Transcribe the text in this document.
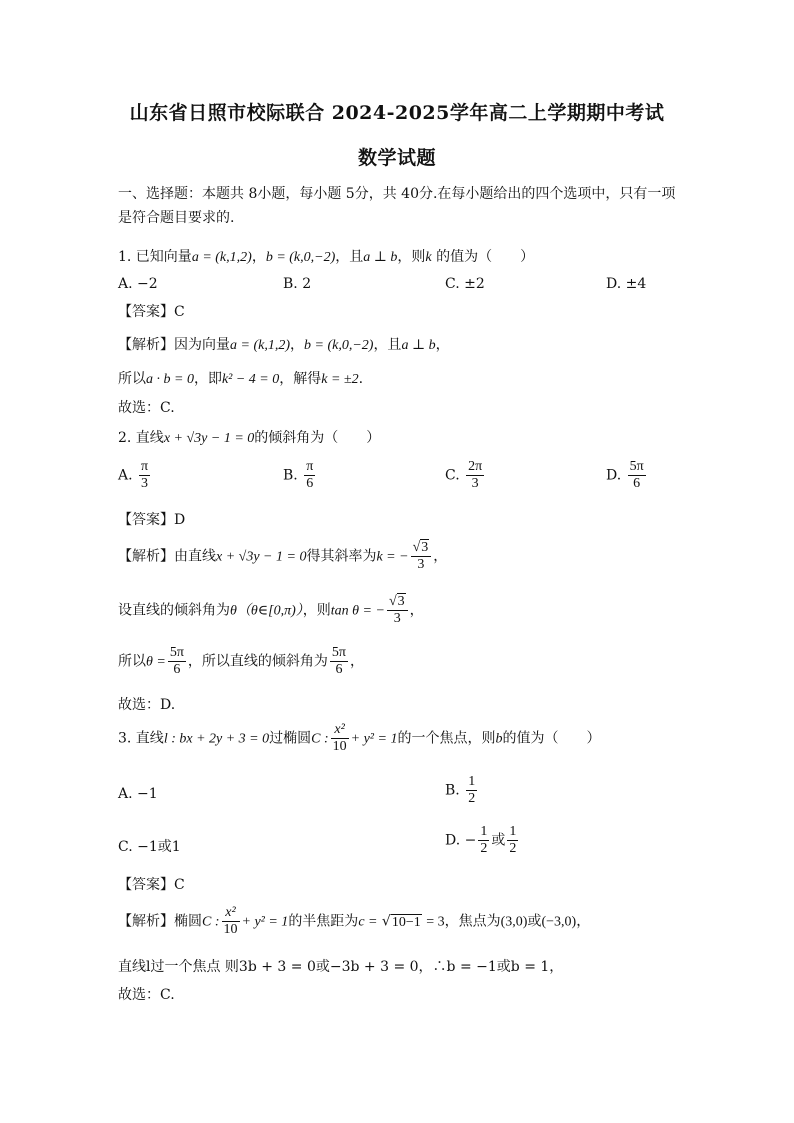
山东省日照市校际联合 2024-2025学年高二上学期期中考试
数学试题
一、选择题：本题共 8小题，每小题 5分，共 40分.在每小题给出的四个选项中，只有一项
是符合题目要求的.
1. 已知向量a = (k,1,2)，b = (k,0,−2)，且a ⊥ b，则k 的值为（　　）
A. −2	B. 2	C. ±2	D. ±4
【答案】C
【解析】因为向量a = (k,1,2)，b = (k,0,−2)，且a ⊥ b，
所以a · b = 0，即k² − 4 = 0，解得k = ±2.
故选：C.
2. 直线x + √3y − 1 = 0的倾斜角为（　　）
A. $\frac{\pi}{3}$	B. $\frac{\pi}{6}$	C. $\frac{2\pi}{3}$	D. $\frac{5\pi}{6}$
【答案】D
【解析】由直线x + √3y − 1 = 0得其斜率为k = − $\frac{√3}{3}$ ，
设直线的倾斜角为θ（θ∈[0,π)），则tan θ = − $\frac{√3}{3}$ ，
所以$\theta = \frac{5\pi}{6}$ ，所以直线的倾斜角为 $\frac{5\pi}{6}$ ，
故选：D.
3. 直线l : bx + 2y + 3 = 0过椭圆C : $\frac{\text{x²}}{10} + y^2 = 1$的一个焦点，则b的值为（　　）
A. −1	B. $\frac{1}{2}$
C. −1或1	D. − $\frac{1}{2}$ 或 $\frac{1}{2}$
【答案】C
【解析】椭圆C : $\frac{\text{x²}}{10} + y^2 = 1$的半焦距为c = √10−1 = 3，焦点为(3,0)或(−3,0)，
直线l过一个焦点 则3b + 3 = 0或−3b + 3 = 0，∴b = −1或b = 1，
故选：C.
